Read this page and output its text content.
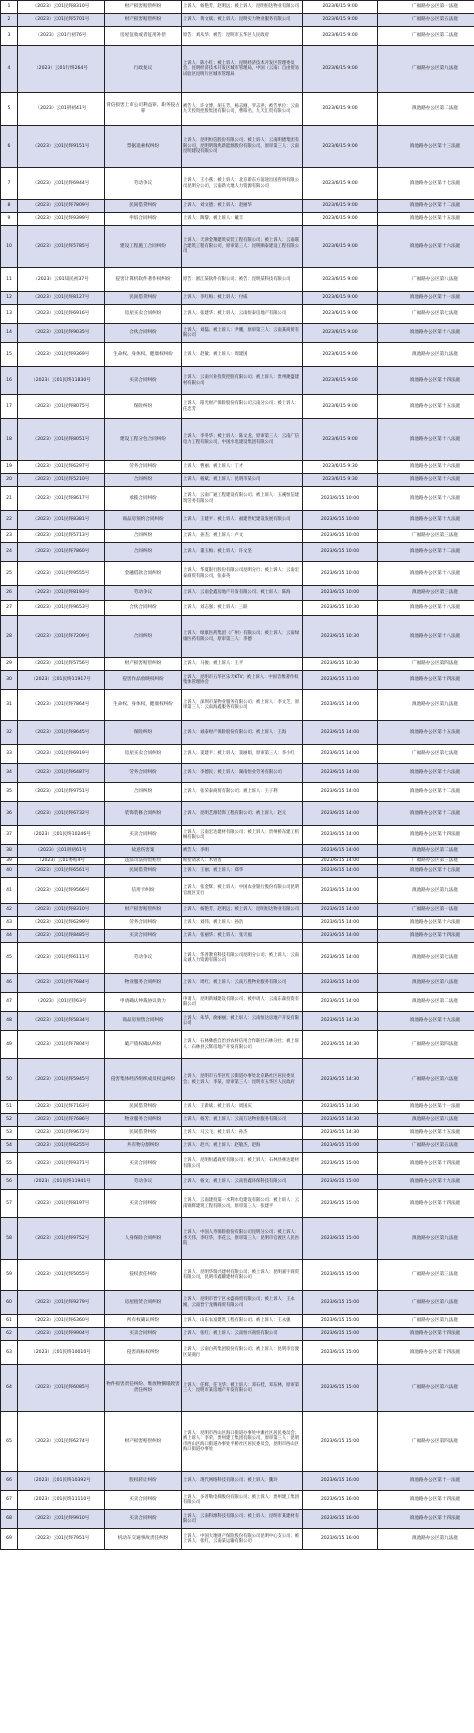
1	（2023）云01民终8310号	财产损害赔偿纠纷	上诉人：杨艳芳，赵明远；被上诉人：昆明恒达物业有限公司	2023/6/15 9:00	广福路办公区第一法庭
2	（2023）云01民终5701号	财产损害赔偿纠纷	上诉人：黄文斌；被上诉人：昆明实力物业服务有限公司	2023/6/15 9:00	广福路办公区第五法庭
3	（2023）云01行初76号	房屋征收或者征用补偿	原告：刘从华；被告：昆明市五华区人民政府	2023/6/15 9:00	广福路办公区第二法庭
4	（2023）云01行终264号	行政复议	上诉人：陈小红；被上诉人：昆明经济技术开发区管理委员会，昆明经济技术开发区城市管理局，中国（云南）自由贸易试验区昆明片区城市管理局	2023/6/15 9:00	广福路办公区第九法庭
5	（2023）云01刑初41号	背信损害上市公司利益罪、职务侵占罪	被告人：许文博，胡玉芳，杨志刚，罗志洪；被告单位：云南九天投资控股集团有限公司，曹阳名，九天汇贸有限公司	2023/6/15 9:00	滇池路办公区第二法庭
6	（2023）云01民终9151号	票据追索权纠纷	上诉人：昆明恒信股份有限公司；被上诉人：云南明德集团有限公司，昆明明瑞兆新能源股份有限公司，原审第三人：云南昆明建设有限公司	2023/6/15 9:00	滇池路办公区第十三法庭
7	（2023）云01民终6944号	劳动争议	上诉人：王小燕；被上诉人：北京新东方前途出国咨询有限公司昆明分公司，云南新大地人力资源有限公司	2023/6/15 9:00	滇池路办公区第十七法庭
8	（2023）云01民终7809号	民间借贷纠纷	上诉人：刘文德；被上诉人：赵丽华	2023/6/15 9:00	滇池路办公区第十二法庭
9	（2023）云01民终9399号	申诉合同纠纷	上诉人：陶黎；被上诉人：戴丰	2023/6/15 9:00	滇池路办公区第十五法庭
10	（2023）云01民终5785号	建设工程施工合同纠纷	上诉人：天津金翔建筑安装工程有限公司；被上诉人：云南联合建筑工程有限公司，原审第三人：昆明顺泰建设工程有限公司	2023/6/15 9:00	滇池路办公区第十六法庭
11	（2023）云01知民初37号	侵害计算机软件著作权纠纷	原告：浙江某软件有限公司；被告：昆明某科技有限公司	2023/6/15 9:00	广福路办公区第八法庭
12	（2023）云01民终8127号	民间借贷纠纷	上诉人：李红梅；被上诉人：付威	2023/6/15 9:00	滇池路办公区第十一法庭
13	（2023）云01民终6916号	房屋买卖合同纠纷	上诉人：张建华；被上诉人：云南恒泰房地产有限公司	2023/6/15 9:00	广福路办公区第七法庭
14	（2023）云01民终9035号	合伙合同纠纷	上诉人：刘磊；被上诉人：尹鹏，原审第三人：云南某商贸有限公司	2023/6/15 9:00	滇池路办公区第十八法庭
15	（2023）云01民终9369号	生命权、身体权、健康权纠纷	上诉人：赵敏；被上诉人：周建国	2023/6/15 9:00	滇池路办公区第九法庭
16	（2023）云01民终11830号	买卖合同纠纷	上诉人：云南兴业投资控股有限公司；被上诉人：贵州捷盛建材有限公司	2023/6/15 9:00	滇池路办公区第十四法庭
17	（2023）云01民终8075号	保险纠纷	上诉人：阳光财产保险股份有限公司云南分公司；被上诉人：任忠芳	2023/6/15 9:00	滇池路办公区第十五法庭
18	（2023）云01民终8051号	建设工程分包合同纠纷	上诉人：李冬华；被上诉人：陈文龙，原审第三人：云南广信电力工程有限公司，中国水电建设集团有限公司	2023/6/15 9:00	滇池路办公区第十八法庭
19	（2023）云01民终6297号	劳务合同纠纷	上诉人：曹丽；被上诉人：丁才	2023/6/15 9:30	滇池路办公区第十六法庭
20	（2023）云01民终5210号	合同纠纷	上诉人：杨斌；被上诉人：昆明市某公司	2023/6/15 9:30	滇池路办公区第十六法庭
21	（2023）云01民终8617号	承揽合同纠纷	上诉人：云南广通工程建设有限公司；被上诉人：玉溪恒信建筑劳务有限公司	2023/6/15 10:00	滇池路办公区第十八法庭
22	（2023）云01民终8381号	商品房预约合同纠纷	上诉人：王建平；被上诉人：福建世纪建设发展有限公司	2023/6/15 10:00	滇池路办公区第十九法庭
23	（2023）云01民终5713号	合同纠纷	上诉人：孙杰；被上诉人：卢文	2023/6/15 10:00	广福路办公区第三法庭
24	（2023）云01民终7860号	合同纠纷	上诉人：董玉梅；被上诉人：许文坚	2023/6/15 10:00	滇池路办公区第十二法庭
25	（2023）云01民终9555号	金融借款合同纠纷	上诉人：华夏银行股份有限公司昆明分行；被上诉人：云南宏泰商贸有限公司，张泰英	2023/6/15 10:00	滇池路办公区第十八法庭
26	（2023）云01民终8193号	劳动争议	上诉人：云南金鑫房地产开发有限公司；被上诉人：陈海	2023/6/15 10:00	滇池路办公区第三法庭
27	（2023）云01民终9653号	合伙合同纠纷	上诉人：刘志强；被上诉人：三联	2023/6/15 10:30	滇池路办公区第十八法庭
28	（2023）云01民终7209号	合同纠纷	上诉人：绿康医药集团（广州）有限公司；被上诉人：云南绿康医药有限公司，原审第三人：李德	2023/6/15 10:30	滇池路办公区第十八法庭
29	（2023）云01民终5756号	财产损害赔偿纠纷	上诉人：马俊；被上诉人：王平	2023/6/15 10:30	广福路办公区第四法庭
30	（2023）云01民终11917号	侵害作品放映权纠纷	上诉人：昆明市五华区乐天KTV；被上诉人：中国音像著作权集体管理协会	2023/6/15 11:00	滇池路办公区第十四法庭
31	（2023）云01民终7864号	生命权、身体权、健康权纠纷	上诉人：深圳市某物业服务有限公司；被上诉人：李文芝，原审第三人：云南海鑫服务有限公司	2023/6/15 14:00	滇池路办公区第九法庭
32	（2023）云01民终8645号	保险纠纷	上诉人：诚泰财产保险股份有限公司；被上诉人：王海	2023/6/15 14:00	滇池路办公区第十五法庭
33	（2023）云01民终6919号	房屋买卖合同纠纷	上诉人：窦建平；被上诉人：窦丽娟，原审第三人：李小红	2023/6/15 14:00	广福路办公区第七法庭
34	（2023）云01民终6487号	劳务合同纠纷	上诉人：李德民；被上诉人：湖南恒业劳务有限公司	2023/6/15 14:00	滇池路办公区第十六法庭
35	（2023）云01民终9751号	合同纠纷	上诉人：张荣泰商贸有限公司；被上诉人：王子利	2023/6/15 14:00	滇池路办公区第十二法庭
36	（2023）云01民终6732号	装饰装修合同纠纷	上诉人：昆明艺源装饰工程有限公司；被上诉人：赵元	2023/6/15 14:00	滇池路办公区第十二法庭
37	（2023）云01民终10246号	买卖合同纠纷	上诉人：云南宏达建材有限公司；被上诉人：贵州桥东建工机械有限公司	2023/6/15 14:00	滇池路办公区第十四法庭
38	（2023）云01刑初61号	故意伤害案	被告人：李明	2023/6/15 14:00	滇池路办公区第二法庭
39	（2023）云01委赔4号	违法司法拘留赔偿	赔偿请求人：木曾普	2023/6/15 14:00	广福路办公区第三法庭
40	（2023）云01民终6561号	民间借贷纠纷	上诉人：王丽；被上诉人：郑华	2023/6/15 14:00	滇池路办公区第十七法庭
41	（2023）云01民终9566号	信用卡纠纷	上诉人：张金辉；被上诉人：中国农业银行股份有限公司昆明官渡区支行	2023/6/15 14:00	滇池路办公区第九法庭
42	（2023）云01民终8310号	财产损害赔偿纠纷	上诉人：杨艳芳，赵明远；被上诉人：昆明恒达物业有限公司	2023/6/15 14:00	广福路办公区第一法庭
43	（2023）云01民终6299号	劳务合同纠纷	上诉人：刘伟；被上诉人：孙浩	2023/6/15 14:00	滇池路办公区第十六法庭
44	（2023）云01民终8485号	买卖合同纠纷	上诉人：张丽华；被上诉人：张天福	2023/6/15 14:00	滇池路办公区第十四法庭
45	（2023）云01民终6111号	劳动争议	上诉人：华普教育科技有限公司昆明分公司；被上诉人：云南众诚人力资源有限公司	2023/6/15 14:00	滇池路办公区第七法庭
46	（2023）云01民终7684号	物业服务合同纠纷	上诉人：周红；被上诉人：云南万胜物业服务有限公司	2023/6/15 14:00	滇池路办公区第八法庭
47	（2023）云01民特63号	申请确认仲裁协议效力	申请人：昆明新城建设有限公司；被申请人：云南东森投资有限公司	2023/6/15 14:00	滇池路办公区第二法庭
48	（2023）云01民终5834号	商品房预售合同纠纷	上诉人：朱华，俞丽丽；被上诉人：云南恒达房地产开发有限公司	2023/6/15 14:30	滇池路办公区第十九法庭
49	（2023）云01民终7804号	破产债权确认纠纷	上诉人：石林彝族自治县农村信用合作联社石林分社；被上诉人：石林县云辉房地产开发有限公司	2023/6/15 14:30	广福路办公区第四法庭
50	（2023）云01民终5945号	侵害集体经济组织成员权益纠纷	上诉人：昆明市五华区红云街道办事处北京路社区居民委员会；被上诉人：李某，原审第三人：昆明市五华区人民政府	2023/6/15 14:30	广福路办公区第六法庭
51	（2023）云01民终7163号	民间借贷纠纷	上诉人：王新斌；被上诉人：周国庆	2023/6/15 14:30	滇池路办公区第十一法庭
52	（2023）云01民终7686号	物业服务合同纠纷	上诉人：杨芳；被上诉人：云南万达物业服务有限公司	2023/6/15 14:30	滇池路办公区第八法庭
53	（2023）云01民终9672号	民间借贷纠纷	上诉人：马云飞；被上诉人：孙杰	2023/6/15 14:30	滇池路办公区第十五法庭
54	（2023）云01民终6255号	共有物分割纠纷	上诉人：赵兴；被上诉人：赵敏杰，赵海	2023/6/15 15:00	广福路办公区第五法庭
55	（2023）云01民终9371号	买卖合同纠纷	上诉人：昆明恒鑫商贸有限公司；被上诉人：石林县林达建材有限公司	2023/6/15 15:00	滇池路办公区第十四法庭
56	（2023）云01民终11941号	劳动争议	上诉人：杨文；被上诉人：云南普鑫环保科技有限公司	2023/6/15 15:00	滇池路办公区第十九法庭
57	（2023）云01民终8197号	买卖合同纠纷	上诉人：云南建投第一水利水电建设有限公司；被上诉人：云南锦辉建筑工程有限公司，原审第三人：张建平	2023/6/15 15:00	滇池路办公区第十四法庭
58	（2023）云01民终9752号	人身保险合同纠纷	上诉人：中国人寿保险股份有限公司昆明分公司；被上诉人：李天伟，李旺华，李花云，原审第三人：昆明市官渡区人民医院	2023/6/15 15:00	滇池路办公区第九法庭
59	（2023）云01民终5055号	侵权责任纠纷	上诉人：昆明华瑞兴建材有限公司；被上诉人：昆明嘉宇商贸有限公司，昆明市鑫耀建材有限公司	2023/6/15 15:00	广福路办公区第三法庭
60	（2023）云01民终9279号	房屋租赁合同纠纷	上诉人：昆明市晋宁区永盛商贸有限公司；被上诉人：王永刚，云南晋宁龙腾商贸有限公司	2023/6/15 15:00	广福路办公区第八法庭
61	（2023）云01民终6360号	所有权确认纠纷	上诉人：山东农富建筑工程有限公司；被上诉人：王永强	2023/6/15 15:00	广福路办公区第九法庭
62	（2023）云01民终9904号	买卖合同纠纷	上诉人：张红；被上诉人：云南恒兴商贸有限公司	2023/6/15 15:00	滇池路办公区第十四法庭
63	（2023）云01民终10010号	侵害商标权纠纷	上诉人：云南白药集团股份有限公司；被上诉人：昆明市官渡区某商行	2023/6/15 15:00	滇池路办公区第十四法庭
64	（2023）云01民终6085号	物件损害责任纠纷、堆放物倒塌致害责任纠纷	上诉人：任辉，任飞华；被上诉人：邓石桂，邓东林，原审第三人：昆明市某房地产开发有限公司	2023/6/15 15:00	广福路办公区第六法庭
65	（2023）云01民终6274号	财产损害赔偿纠纷	上诉人：昆明市西山区海口街道办事处中滩社区居民委员会；被上诉人：李荣，贵州建工集团有限公司，原审第三人：昆明市西山区海口街道办事处平桥社区居民委员会，昆明市西山区海口街道办事处	2023/6/15 15:00	广福路办公区第四法庭
66	（2023）云01民终10392号	股权转让纠纷	上诉人：现代网络科技有限公司；被上诉人：魏玲	2023/6/15 16:00	滇池路办公区第十一法庭
67	（2023）云01民终11110号	买卖合同纠纷	上诉人：多普勒电梯股份有限公司；被上诉人：贵州建工集团有限公司	2023/6/15 16:00	滇池路办公区第十四法庭
68	（2023）云01民终9910号	买卖合同纠纷	上诉人：云南科源科技有限公司；被上诉人：昆明市某建材有限公司	2023/6/15 16:00	滇池路办公区第十四法庭
69	（2023）云01民终7951号	机动车交通事故责任纠纷	上诉人：中国大地财产保险股份有限公司昆明中心支公司；被上诉人：张红，云南某运输有限公司	2023/6/15 16:00	滇池路办公区第九法庭
